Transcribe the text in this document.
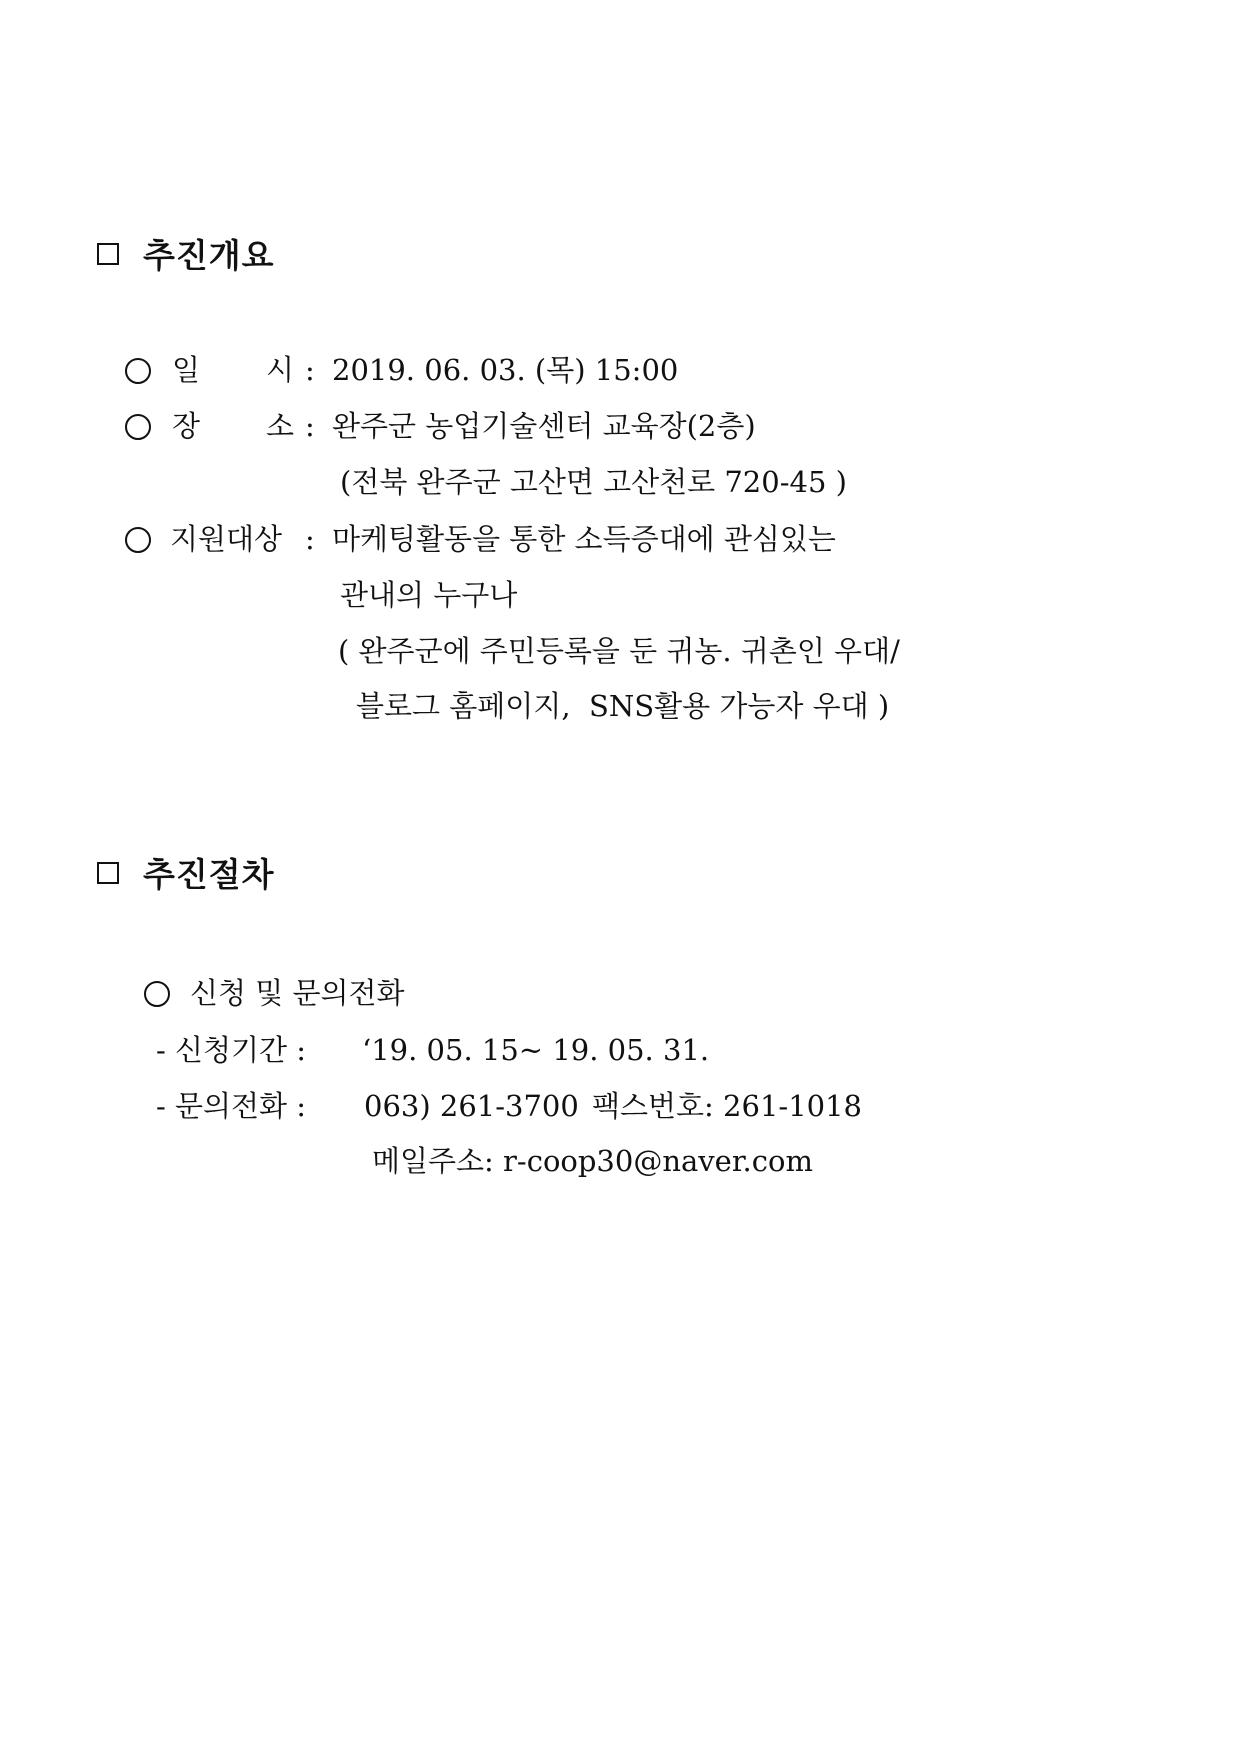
추진개요
일 시 : 2019. 06. 03. (목) 15:00
장 소 : 완주군 농업기술센터 교육장(2층)
(전북 완주군 고산면 고산천로 720-45 )
지원대상 : 마케팅활동을 통한 소득증대에 관심있는
관내의 누구나
( 완주군에 주민등록을 둔 귀농. 귀촌인 우대/
블로그 홈페이지,  SNS활용 가능자 우대 )
추진절차
신청 및 문의전화
- 신청기간 : ‘19. 05. 15~ 19. 05. 31.
- 문의전화 : 063) 261-3700 팩스번호: 261-1018
메일주소: r-coop30@naver.com
